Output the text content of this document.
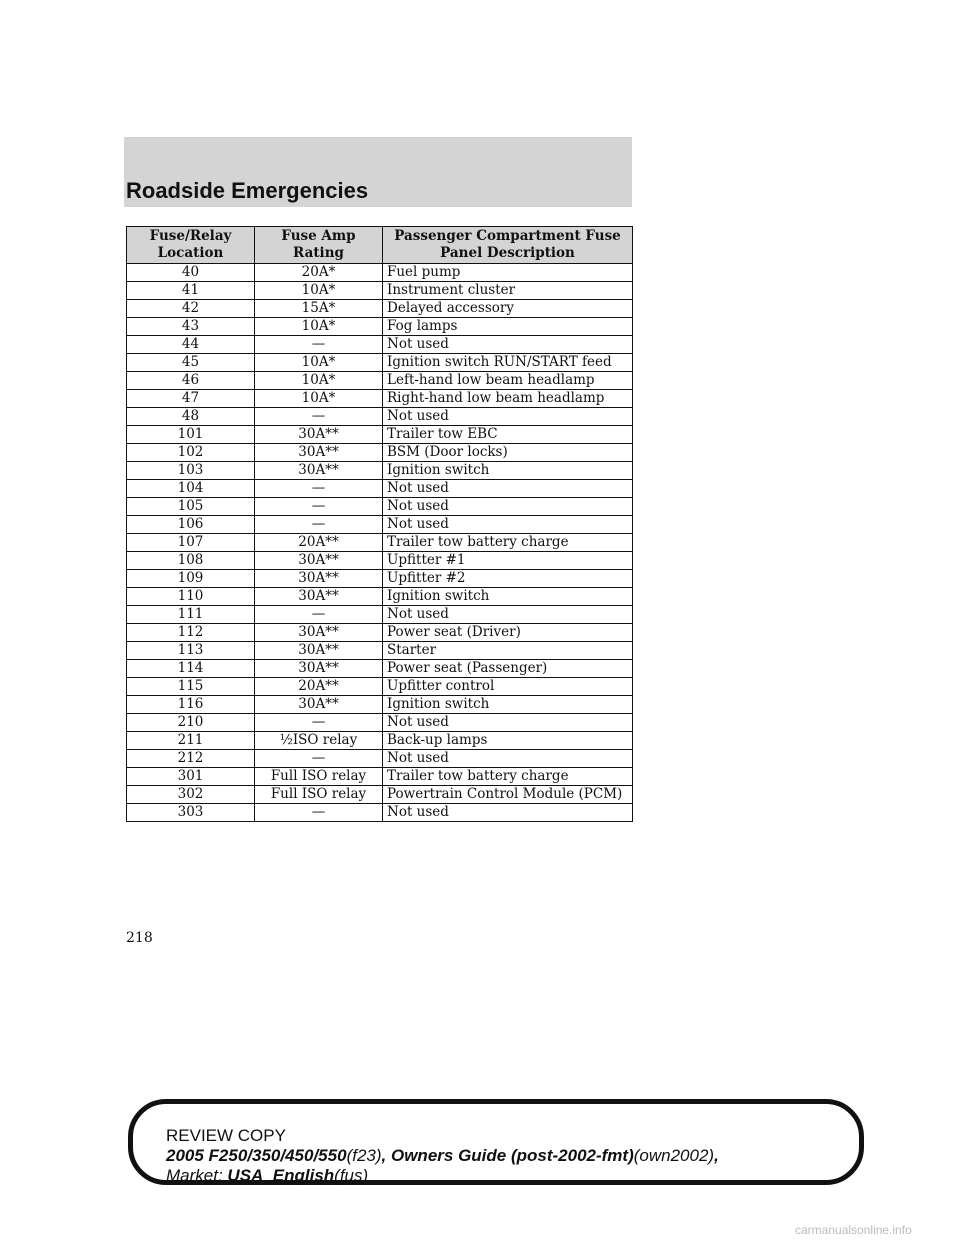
Roadside Emergencies
Fuse/Relay Location	Fuse Amp Rating	Passenger Compartment Fuse Panel Description
40	20A*	Fuel pump
41	10A*	Instrument cluster
42	15A*	Delayed accessory
43	10A*	Fog lamps
44	—	Not used
45	10A*	Ignition switch RUN/START feed
46	10A*	Left-hand low beam headlamp
47	10A*	Right-hand low beam headlamp
48	—	Not used
101	30A**	Trailer tow EBC
102	30A**	BSM (Door locks)
103	30A**	Ignition switch
104	—	Not used
105	—	Not used
106	—	Not used
107	20A**	Trailer tow battery charge
108	30A**	Upfitter #1
109	30A**	Upfitter #2
110	30A**	Ignition switch
111	—	Not used
112	30A**	Power seat (Driver)
113	30A**	Starter
114	30A**	Power seat (Passenger)
115	20A**	Upfitter control
116	30A**	Ignition switch
210	—	Not used
211	½ISO relay	Back-up lamps
212	—	Not used
301	Full ISO relay	Trailer tow battery charge
302	Full ISO relay	Powertrain Control Module (PCM)
303	—	Not used
218
REVIEW COPY
2005 F250/350/450/550(f23), Owners Guide (post-2002-fmt)(own2002),
Market: USA_English(fus)
carmanualsonline.info
